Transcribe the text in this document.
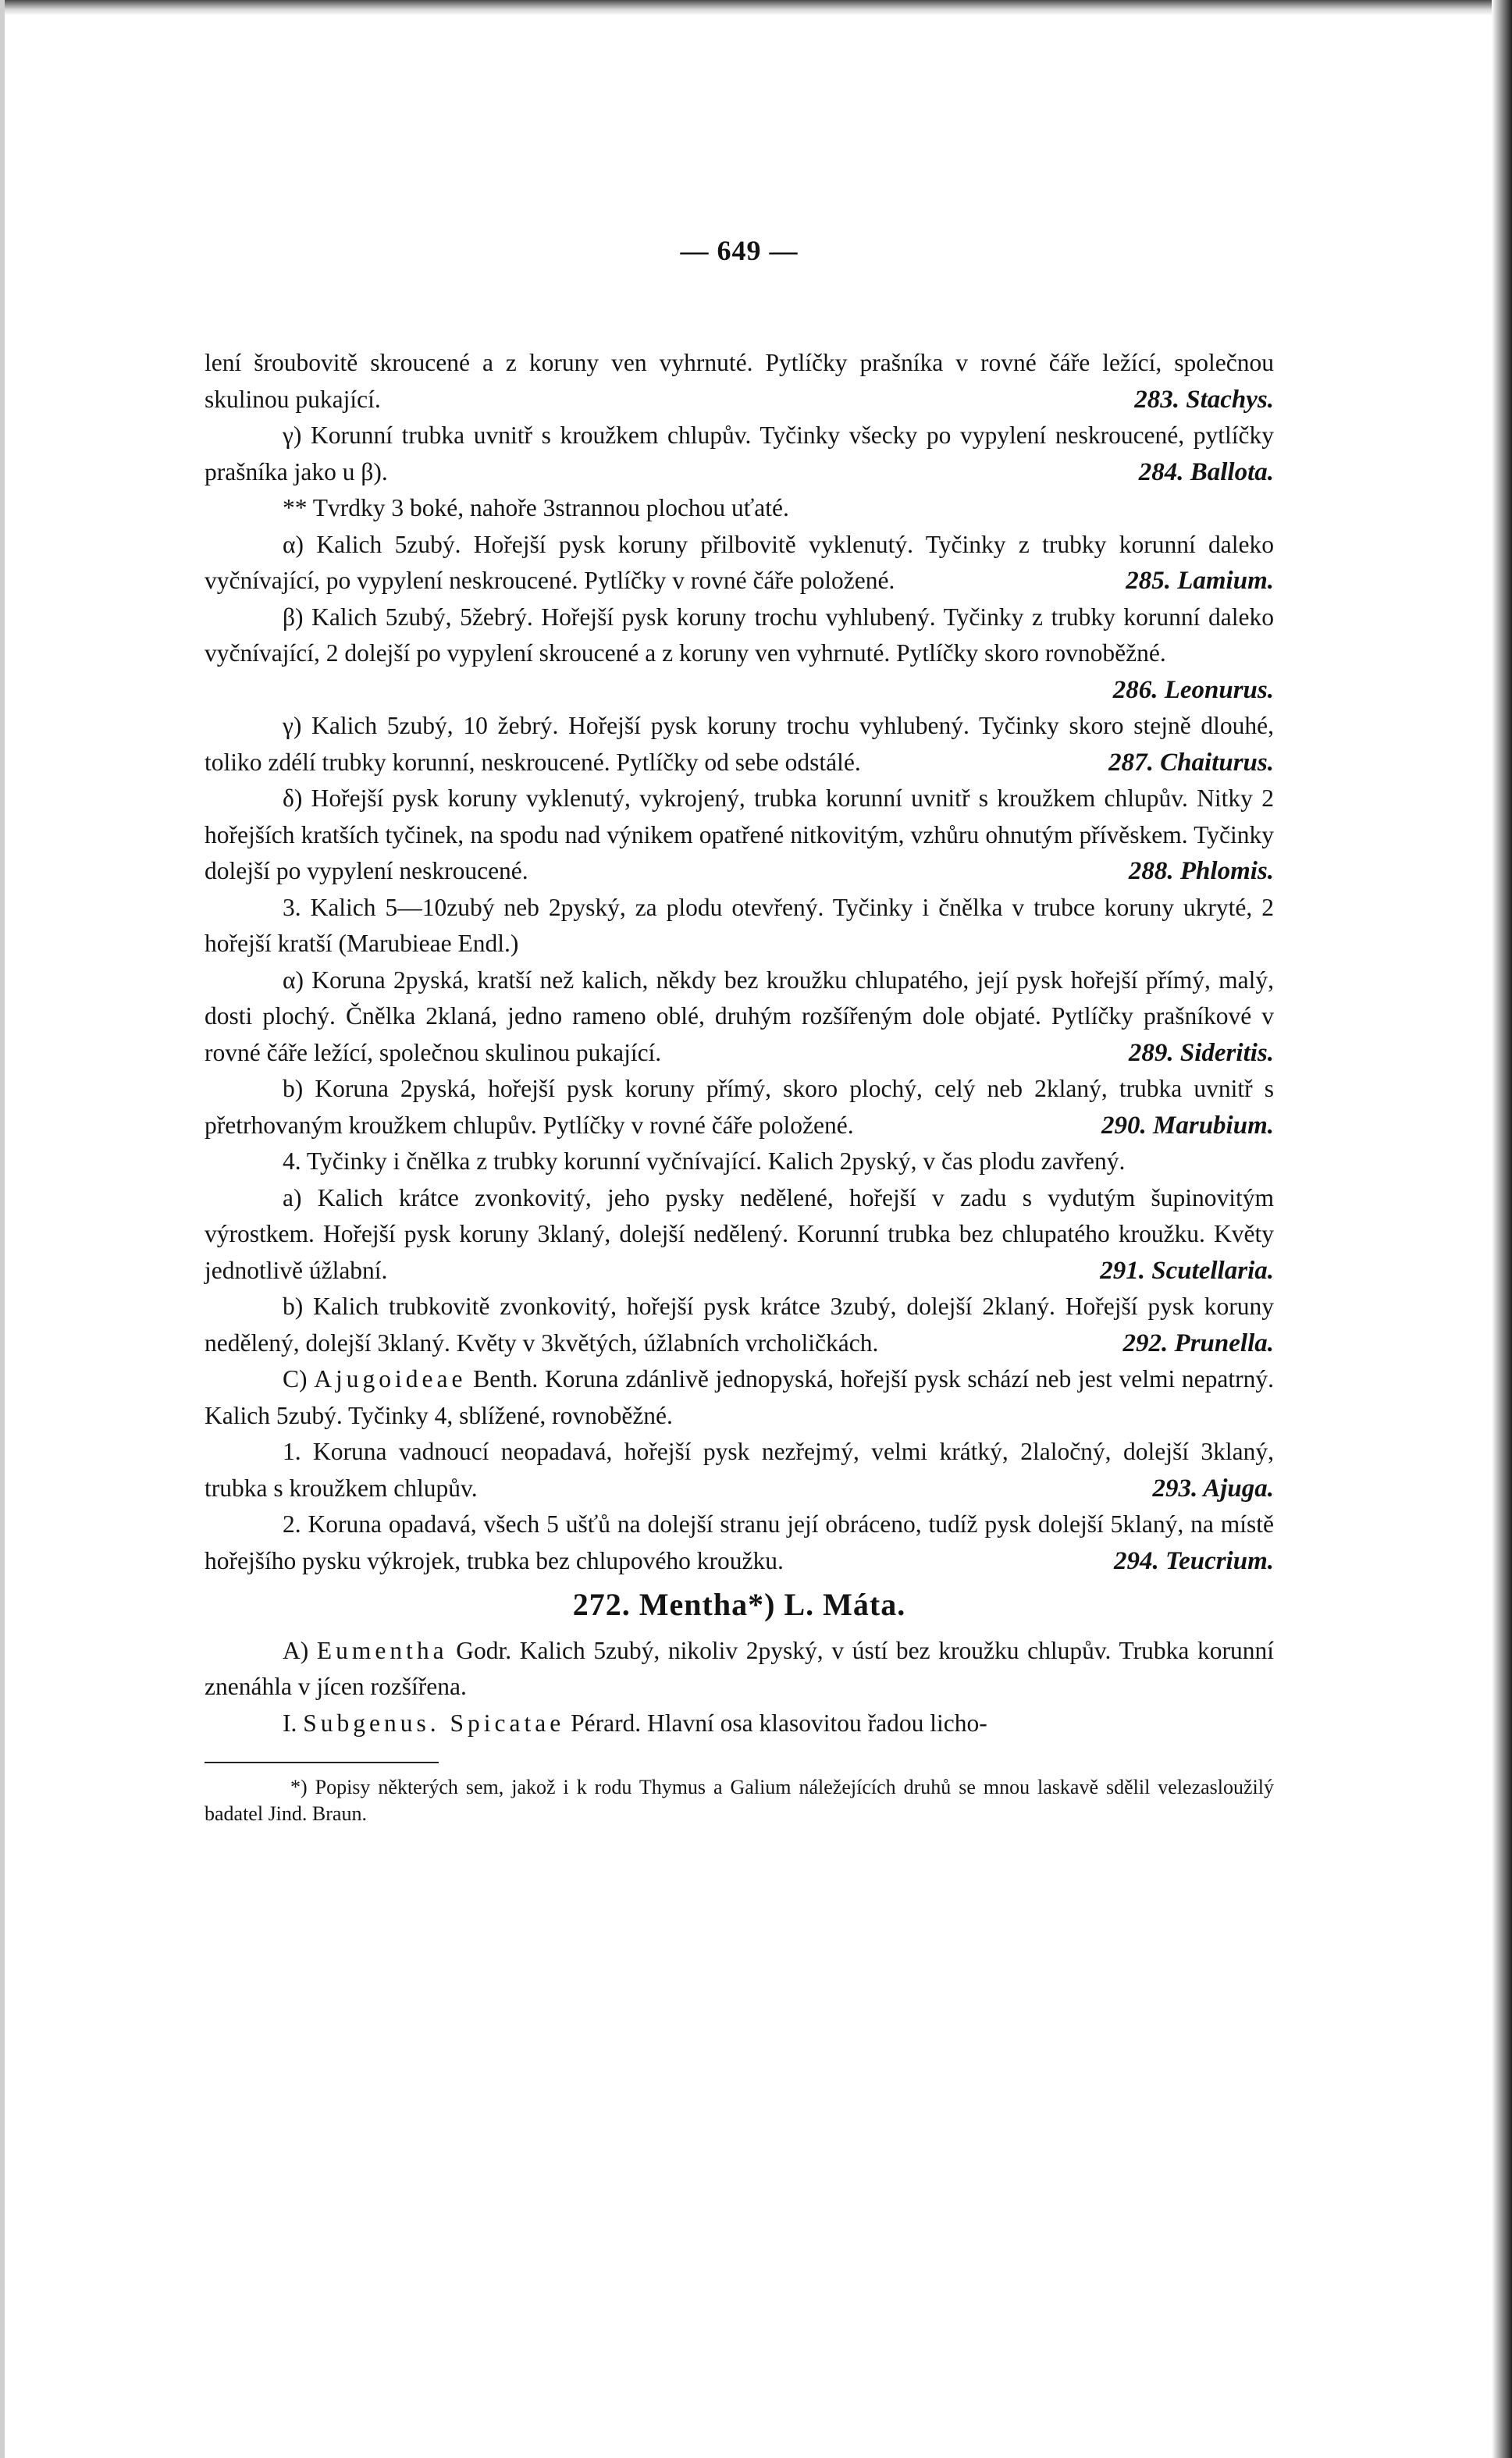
— 649 —

lení šroubovitě skroucené a z koruny ven vyhrnuté. Pytlíčky prašníka v rovné čáře ležící, společnou skulinou pukající.	283. Stachys.

γ) Korunní trubka uvnitř s kroužkem chlupův. Tyčinky všecky po vypylení neskroucené, pytlíčky prašníka jako u β).	284. Ballota.

** Tvrdky 3 boké, nahoře 3strannou plochou uťaté.

α) Kalich 5zubý. Hořejší pysk koruny přilbovitě vyklenutý. Tyčinky z trubky korunní daleko vyčnívající, po vypylení neskroucené. Pytlíčky v rovné čáře položené.	285. Lamium.

β) Kalich 5zubý, 5žebrý. Hořejší pysk koruny trochu vyhlubený. Tyčinky z trubky korunní daleko vyčnívající, 2 dolejší po vypylení skroucené a z koruny ven vyhrnuté. Pytlíčky skoro rovnoběžné.
286. Leonurus.

γ) Kalich 5zubý, 10 žebrý. Hořejší pysk koruny trochu vyhlubený. Tyčinky skoro stejně dlouhé, toliko zdélí trubky korunní, neskroucené. Pytlíčky od sebe odstálé.	287. Chaiturus.

δ) Hořejší pysk koruny vyklenutý, vykrojený, trubka korunní uvnitř s kroužkem chlupův. Nitky 2 hořejších kratších tyčinek, na spodu nad výnikem opatřené nitkovitým, vzhůru ohnutým přívěskem. Tyčinky dolejší po vypylení neskroucené.	288. Phlomis.

3. Kalich 5—10zubý neb 2pyský, za plodu otevřený. Tyčinky i čnělka v trubce koruny ukryté, 2 hořejší kratší (Marubieae Endl.)

α) Koruna 2pyská, kratší než kalich, někdy bez kroužku chlupatého, její pysk hořejší přímý, malý, dosti plochý. Čnělka 2klaná, jedno rameno oblé, druhým rozšířeným dole objaté. Pytlíčky prašníkové v rovné čáře ležící, společnou skulinou pukající.	289. Sideritis.

b) Koruna 2pyská, hořejší pysk koruny přímý, skoro plochý, celý neb 2klaný, trubka uvnitř s přetrhovaným kroužkem chlupův. Pytlíčky v rovné čáře položené.	290. Marubium.

4. Tyčinky i čnělka z trubky korunní vyčnívající. Kalich 2pyský, v čas plodu zavřený.

a) Kalich krátce zvonkovitý, jeho pysky nedělené, hořejší v zadu s vydutým šupinovitým výrostkem. Hořejší pysk koruny 3klaný, dolejší nedělený. Korunní trubka bez chlupatého kroužku. Květy jednotlivě úžlabní.	291. Scutellaria.

b) Kalich trubkovitě zvonkovitý, hořejší pysk krátce 3zubý, dolejší 2klaný. Hořejší pysk koruny nedělený, dolejší 3klaný. Květy v 3květých, úžlabních vrcholičkách.	292. Prunella.

C) Ajugoideae Benth. Koruna zdánlivě jednopyská, hořejší pysk schází neb jest velmi nepatrný. Kalich 5zubý. Tyčinky 4, sblížené, rovnoběžné.

1. Koruna vadnoucí neopadavá, hořejší pysk nezřejmý, velmi krátký, 2laločný, dolejší 3klaný, trubka s kroužkem chlupův.	293. Ajuga.

2. Koruna opadavá, všech 5 ušťů na dolejší stranu její obráceno, tudíž pysk dolejší 5klaný, na místě hořejšího pysku výkrojek, trubka bez chlupového kroužku.	294. Teucrium.

272. Mentha*) L. Máta.

A) Eumentha Godr. Kalich 5zubý, nikoliv 2pyský, v ústí bez kroužku chlupův. Trubka korunní znenáhla v jícen rozšířena.

I. Subgenus. Spicatae Pérard. Hlavní osa klasovitou řadou licho-

*) Popisy některých sem, jakož i k rodu Thymus a Galium náležejících druhů se mnou laskavě sdělil velezasloužilý badatel Jind. Braun.
